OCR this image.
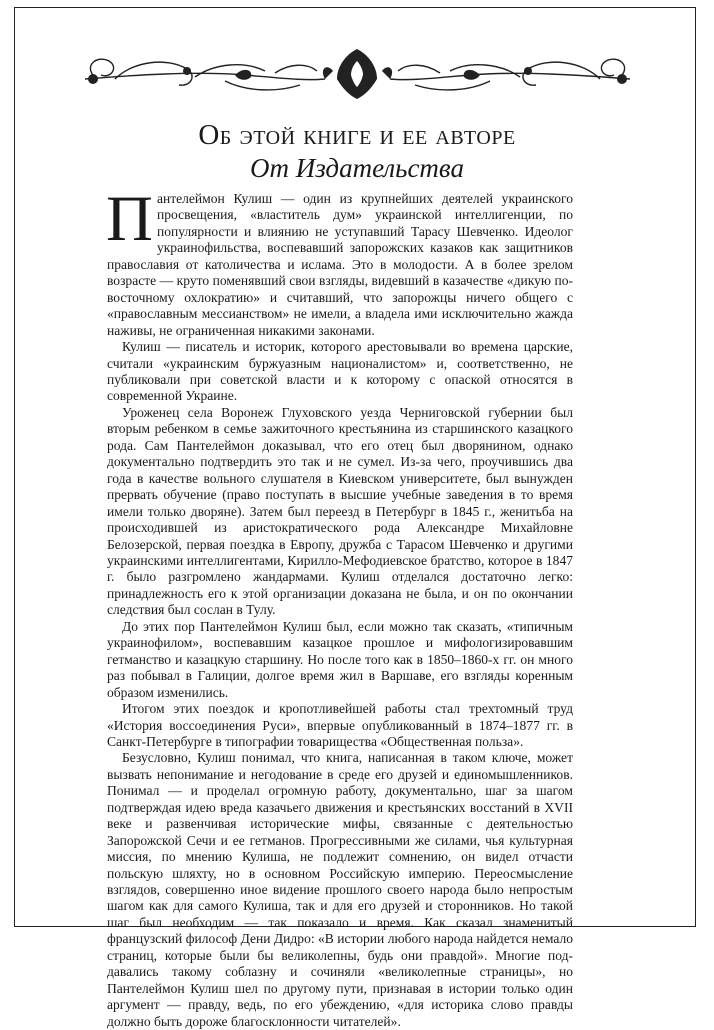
Об этой книге и ее авторе
От Издательства

Пантелеймон Кулиш — один из крупнейших деятелей украинского просвещения, «властитель дум» украинской интеллигенции, по популярности и влиянию не уступавший Тарасу Шевченко. Идеолог украинофильства, воспевавший запорожских казаков как защитников православия от католичества и ислама. Это в молодости. А в более зрелом возрасте — круто поменявший свои взгляды, видевший в казачестве «дикую по-восточному охлократию» и считавший, что запорожцы ничего общего с «православным мессианством» не имели, а владела ими исключительно жажда наживы, не ограниченная никакими законами.

Кулиш — писатель и историк, которого арестовывали во времена царские, считали «украинским буржуазным националистом» и, соответственно, не публиковали при советской власти и к которому с опаской относятся в современной Украине.

Уроженец села Воронеж Глуховского уезда Черниговской губернии был вторым ребенком в семье зажиточного крестьянина из старшинского казацкого рода. Сам Пантелеймон доказывал, что его отец был дворянином, однако документально подтвердить это так и не сумел. Из-за чего, проучившись два года в качестве вольного слушателя в Киевском университете, был вынужден прервать обучение (право поступать в высшие учебные заведения в то время имели только дворяне). Затем был переезд в Петербург в 1845 г., женитьба на происходившей из аристократического рода Александре Михайловне Белозерской, первая поездка в Европу, дружба с Тарасом Шевченко и другими украинскими интеллигентами, Кирилло-Мефодиевское братство, которое в 1847 г. было разгромлено жандармами. Кулиш отделался достаточно легко: принадлежность его к этой организации доказана не была, и он по окончании следствия был сослан в Тулу.

До этих пор Пантелеймон Кулиш был, если можно так сказать, «типичным украинофилом», воспевавшим казацкое прошлое и мифологизировавшим гетманство и казацкую старшину. Но после того как в 1850–1860-х гг. он много раз побывал в Галиции, долгое время жил в Варшаве, его взгляды коренным образом изменились.

Итогом этих поездок и кропотливейшей работы стал трехтомный труд «История воссоединения Руси», впервые опубликованный в 1874–1877 гг. в Санкт-Петербурге в типографии товарищества «Общественная польза».

Безусловно, Кулиш понимал, что книга, написанная в таком ключе, может вызвать непонимание и негодование в среде его друзей и единомышленников. Понимал — и проделал огромную работу, документально, шаг за шагом подтверждая идею вреда казачьего движения и крестьянских восстаний в XVII веке и развенчивая исторические мифы, связанные с деятельностью Запорожской Сечи и ее гетманов. Прогрессивными же силами, чья культурная миссия, по мнению Кулиша, не подлежит сомнению, он видел отчасти польскую шляхту, но в основном Российскую империю. Переосмысление взглядов, совершенно иное видение прошлого своего народа было непростым шагом как для самого Кулиша, так и для его друзей и сторонников. Но такой шаг был необходим — так показало и время. Как сказал знаменитый французский философ Дени Дидро: «В истории любого народа найдется немало страниц, которые были бы великолепны, будь они правдой». Многие поддавались такому соблазну и сочиняли «великолепные страницы», но Пантелеймон Кулиш шел по другому пути, признавая в истории только один аргумент — правду, ведь, по его убеждению, «для историка слово правды должно быть дороже благосклонности читателей».
